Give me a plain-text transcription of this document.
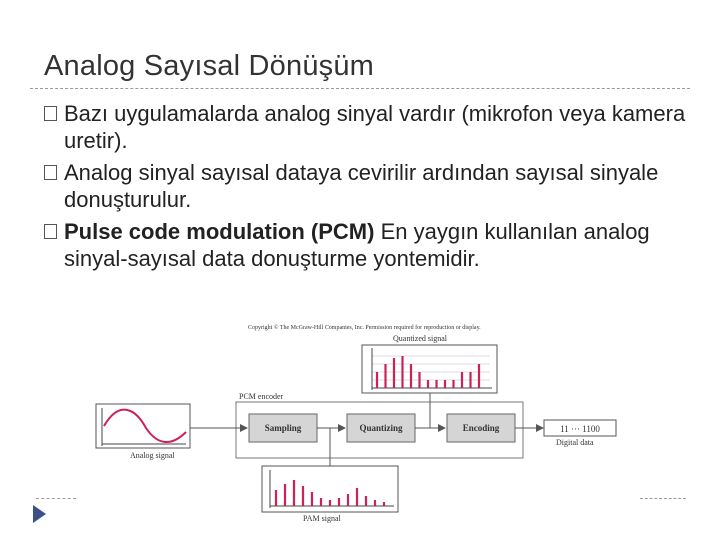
Analog Sayısal Dönüşüm
Bazı uygulamalarda analog sinyal vardır (mikrofon veya kamera uretir).
Analog sinyal sayısal dataya cevirilir ardından sayısal sinyale donuşturulur.
Pulse code modulation (PCM) En yaygın kullanılan analog sinyal-sayısal data donuşturme yontemidir.
Copyright © The McGraw-Hill Companies, Inc. Permission required for reproduction or display.
Quantized signal
PCM encoder
Sampling	Quantizing	Encoding
Analog signal
11 ··· 1100
Digital data
PAM signal
